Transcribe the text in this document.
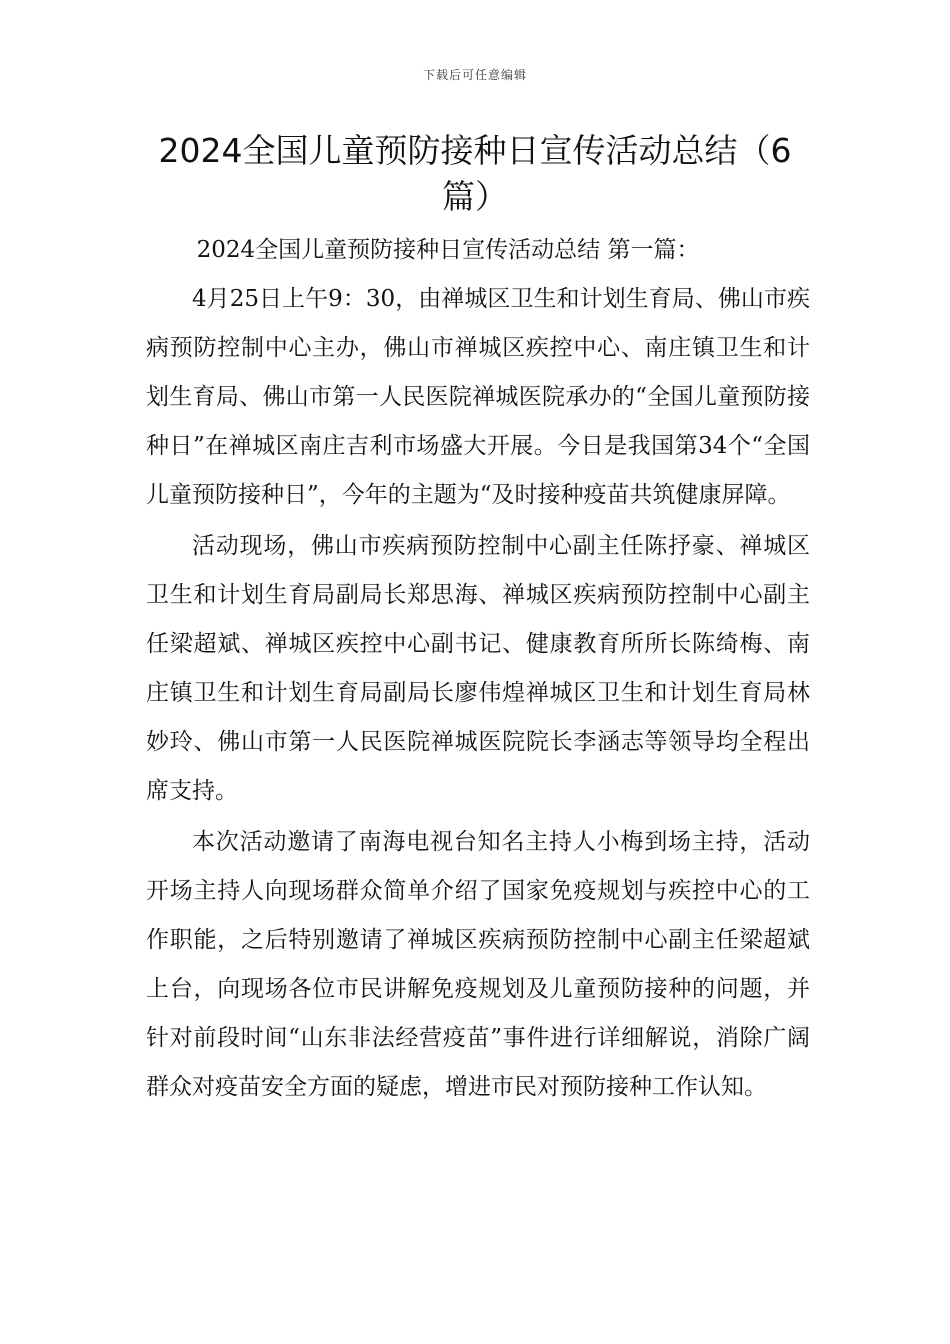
下载后可任意编辑
2024全国儿童预防接种日宣传活动总结（6篇）

2024全国儿童预防接种日宣传活动总结 第一篇：

4月25日上午9：30，由禅城区卫生和计划生育局、佛山市疾病预防控制中心主办，佛山市禅城区疾控中心、南庄镇卫生和计划生育局、佛山市第一人民医院禅城医院承办的“全国儿童预防接种日”在禅城区南庄吉利市场盛大开展。今日是我国第34个“全国儿童预防接种日”，今年的主题为“及时接种疫苗共筑健康屏障。

活动现场，佛山市疾病预防控制中心副主任陈抒豪、禅城区卫生和计划生育局副局长郑思海、禅城区疾病预防控制中心副主任梁超斌、禅城区疾控中心副书记、健康教育所所长陈绮梅、南庄镇卫生和计划生育局副局长廖伟煌禅城区卫生和计划生育局林妙玲、佛山市第一人民医院禅城医院院长李涵志等领导均全程出席支持。

本次活动邀请了南海电视台知名主持人小梅到场主持，活动开场主持人向现场群众简单介绍了国家免疫规划与疾控中心的工作职能，之后特别邀请了禅城区疾病预防控制中心副主任梁超斌上台，向现场各位市民讲解免疫规划及儿童预防接种的问题，并针对前段时间“山东非法经营疫苗”事件进行详细解说，消除广阔群众对疫苗安全方面的疑虑，增进市民对预防接种工作认知。
